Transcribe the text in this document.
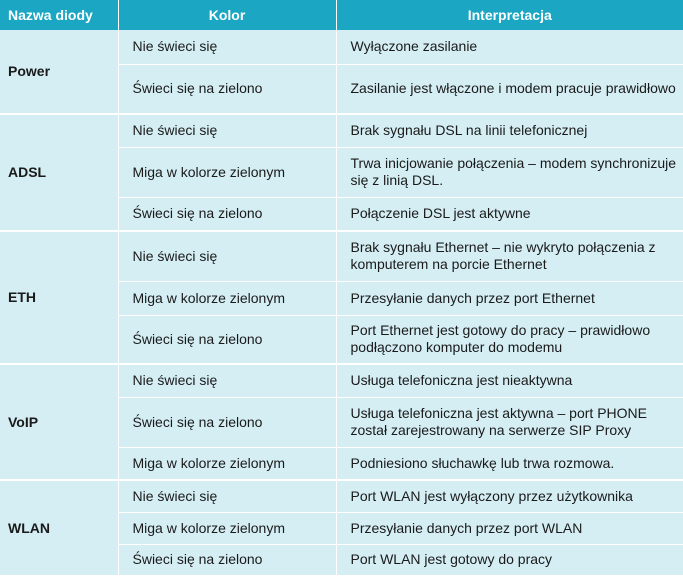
Nazwa diody	Kolor	Interpretacja
Power	Nie świeci się	Wyłączone zasilanie
	Świeci się na zielono	Zasilanie jest włączone i modem pracuje prawidłowo
ADSL	Nie świeci się	Brak sygnału DSL na linii telefonicznej
	Miga w kolorze zielonym	Trwa inicjowanie połączenia – modem synchronizuje się z linią DSL.
	Świeci się na zielono	Połączenie DSL jest aktywne
ETH	Nie świeci się	Brak sygnału Ethernet – nie wykryto połączenia z komputerem na porcie Ethernet
	Miga w kolorze zielonym	Przesyłanie danych przez port Ethernet
	Świeci się na zielono	Port Ethernet jest gotowy do pracy – prawidłowo podłączono komputer do modemu
VoIP	Nie świeci się	Usługa telefoniczna jest nieaktywna
	Świeci się na zielono	Usługa telefoniczna jest aktywna – port PHONE został zarejestrowany na serwerze SIP Proxy
	Miga w kolorze zielonym	Podniesiono słuchawkę lub trwa rozmowa.
WLAN	Nie świeci się	Port WLAN jest wyłączony przez użytkownika
	Miga w kolorze zielonym	Przesyłanie danych przez port WLAN
	Świeci się na zielono	Port WLAN jest gotowy do pracy
